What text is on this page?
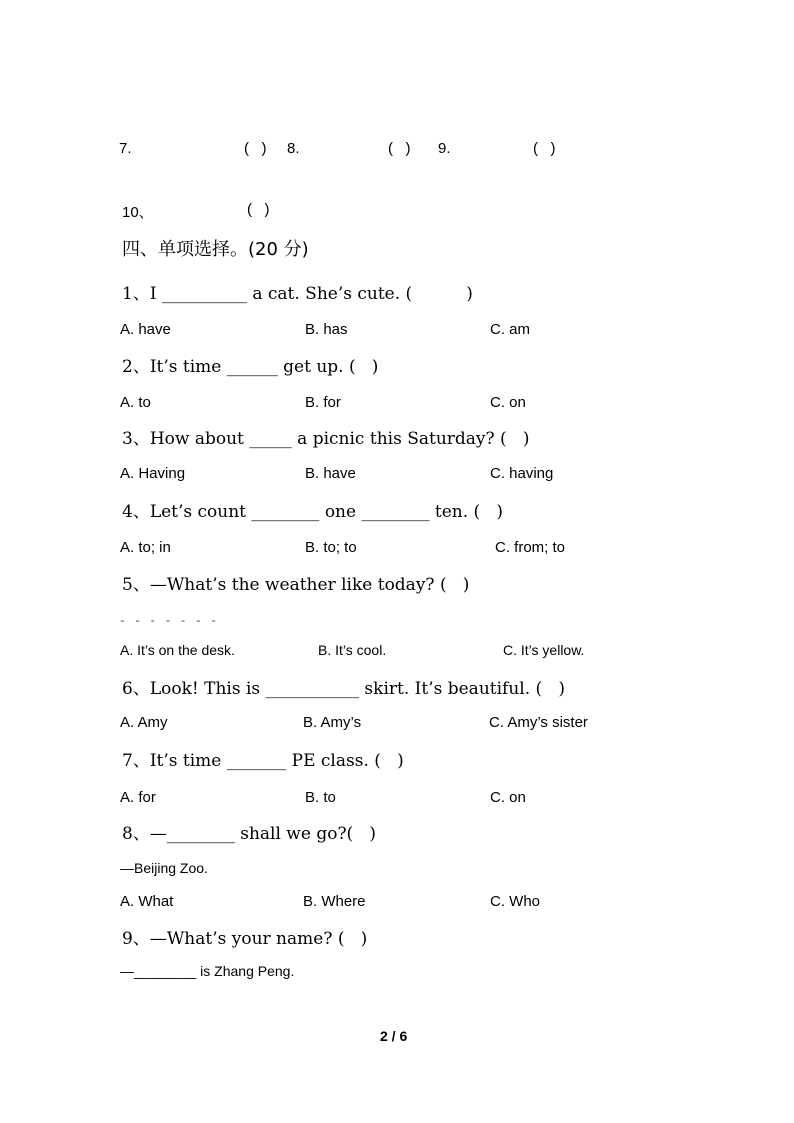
7.	(   ) 8.	(   ) 9.	(   )
10、	(   )
四、单项选择。(20 分)
1、I __________ a cat. She’s cute. (          )
A. have	B. has	C. am
2、It’s time ______ get up. (   )
A. to	B. for	C. on
3、How about _____ a picnic this Saturday? (   )
A. Having	B. have	C. having
4、Let’s count ________ one ________ ten. (   )
A. to; in	B. to; to	C. from; to
5、—What’s the weather like today? (   )
- - - - - - -
A. It’s on the desk.	B. It’s cool.	C. It’s yellow.
6、Look! This is ___________ skirt. It’s beautiful. (   )
A. Amy	B. Amy’s	C. Amy’s sister
7、It’s time _______ PE class. (   )
A. for	B. to	C. on
8、—________ shall we go?(   )
—Beijing Zoo.
A. What	B. Where	C. Who
9、—What’s your name? (   )
—________ is Zhang Peng.
2 / 6
